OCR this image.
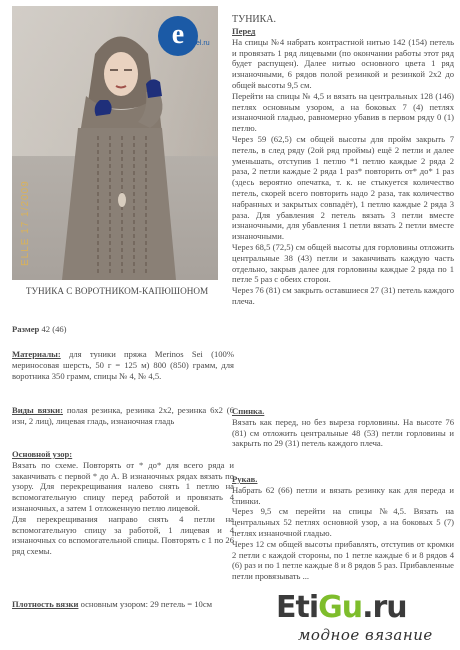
e	el.ru
ELLE 17 1/2009
ТУНИКА С ВОРОТНИКОМ-КАПЮШОНОМ
Размер 42 (46)
Материалы: для туники пряжа Merinos Sei (100% мериносовая шерсть, 50 г = 125 м) 800 (850) грамм, для воротника 350 грамм, спицы № 4, № 4,5.
Виды вязки: полая резинка, резинка 2х2, резинка 6х2 (6 изн, 2 лиц), лицевая гладь, изнаночная гладь
Основной узор:

Вязать по схеме. Повторять от * до* для всего ряда и заканчивать с первой * до А. В изнаночных рядах вязать по узору. Для перекрещивания налево снять 1 петлю на вспомогательную спицу перед работой и провязать 4 изнаночных, а затем 1 отложенную петлю лицевой.

Для перекрещивания направо снять 4 петли на вспомогательную спицу за работой, 1 лицевая и 4 изнаночных со вспомогательной спицы. Повторять с 1 по 26 ряд схемы.

Плотность вязки основным узором: 29 петель = 10см
ТУНИКА.
Перед

На спицы №4 набрать контрастной нитью 142 (154) петель и провязать 1 ряд лицевыми (по окончании работы этот ряд будет распущен). Далее нитью основного цвета 1 ряд изнаночными, 6 рядов полой резинкой и резинкой 2х2 до общей высоты 9,5 см.

Перейти на спицы № 4,5 и вязать на центральных 128 (146) петлях основным узором, а на боковых 7 (4) петлях изнаночной гладью, равномерно убавив в первом ряду 0 (1) петлю.

Через 59 (62,5) см общей высоты для пройм закрыть 7 петель, в след ряду (2ой ряд проймы) ещё 2 петли и далее уменьшать, отступив 1 петлю *1 петлю каждые 2 ряда 2 раза, 2 петли каждые 2 ряда 1 раз* повторить от* до* 1 раз (здесь вероятно опечатка, т. к. не стыкуется количество петель, скорей всего повторить надо 2 раза, так количество набранных и закрытых совпадёт), 1 петлю каждые 2 ряда 3 раза. Для убавления 2 петель вязать 3 петли вместе изнаночными, для убавления 1 петли вязать 2 петли вместе изнаночными.

Через 68,5 (72,5) см общей высоты для горловины отложить центральные 38 (43) петли и заканчивать каждую часть отдельно, закрыв далее для горловины каждые 2 ряда по 1 петле 5 раз с обеих сторон.

Через 76 (81) см закрыть оставшиеся 27 (31) петель каждого плеча.

Спинка.

Вязать как перед, но без выреза горловины. На высоте 76 (81) см отложить центральные 48 (53) петли горловины и закрыть по 29 (31) петель каждого плеча.

Рукав.

Набрать 62 (66) петли и вязать резинку как для переда и спинки.

Через 9,5 см перейти на спицы №4,5. Вязать на центральных 52 петлях основной узор, а на боковых 5 (7) петлях изнаночной гладью.

Через 12 см общей высоты прибавлять, отступив от кромки 2 петли с каждой стороны, по 1 петле каждые 6 и 8 рядов 4 (6) раз и по 1 петле каждые 8 и 8 рядов 5 раз. Прибавленные петли провязывать ...

EtiGu.ru
модное вязание
